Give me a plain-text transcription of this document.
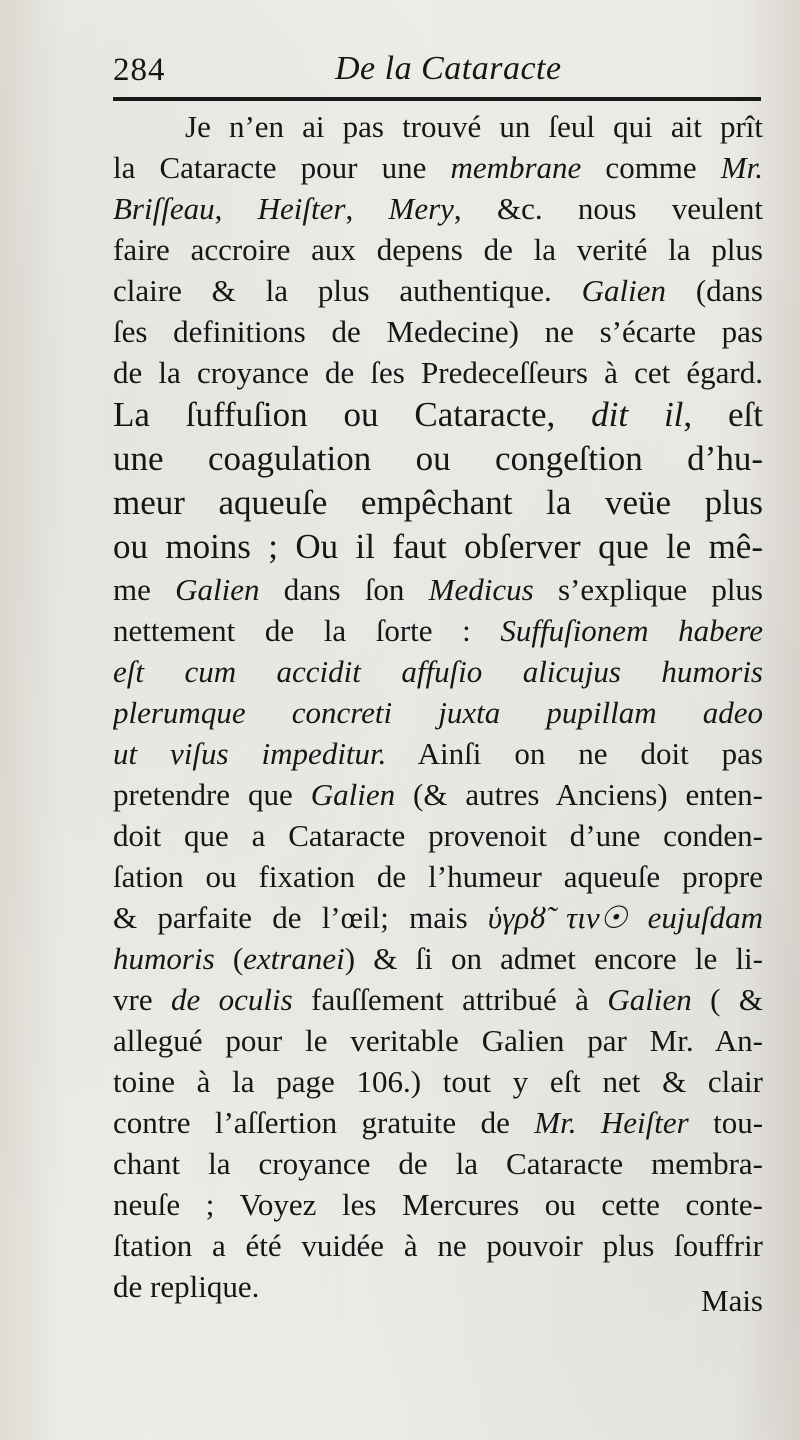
284	De la Cataracte
Je n’en ai pas trouvé un ſeul qui ait prît
la Cataracte pour une membrane comme Mr.
Briſſeau, Heiſter, Mery, &c. nous veulent
faire accroire aux depens de la verité la plus
claire & la plus authentique. Galien (dans
ſes definitions de Medecine) ne s’écarte pas
de la croyance de ſes Predeceſſeurs à cet égard.
La ſuffuſion ou Cataracte, dit il, eſt
une coagulation ou congeſtion d’hu-
meur aqueuſe empêchant la veüe plus
ou moins ; Ou il faut obſerver que le mê-
me Galien dans ſon Medicus s’explique plus
nettement de la ſorte : Suffuſionem habere
eſt cum accidit affuſio alicujus humoris
plerumque concreti juxta pupillam adeo
ut viſus impeditur. Ainſi on ne doit pas
pretendre que Galien (& autres Anciens) enten-
doit que a Cataracte provenoit d’une conden-
ſation ou fixation de l’humeur aqueuſe propre
& parfaite de l’œil; mais ὑγρȣ̃ τιν☉ eujuſdam
humoris (extranei) & ſi on admet encore le li-
vre de oculis fauſſement attribué à Galien ( &
allegué pour le veritable Galien par Mr. An-
toine à la page 106.) tout y eſt net & clair
contre l’aſſertion gratuite de Mr. Heiſter tou-
chant la croyance de la Cataracte membra-
neuſe ; Voyez les Mercures ou cette conte-
ſtation a été vuidée à ne pouvoir plus ſouffrir
de replique.	Mais
